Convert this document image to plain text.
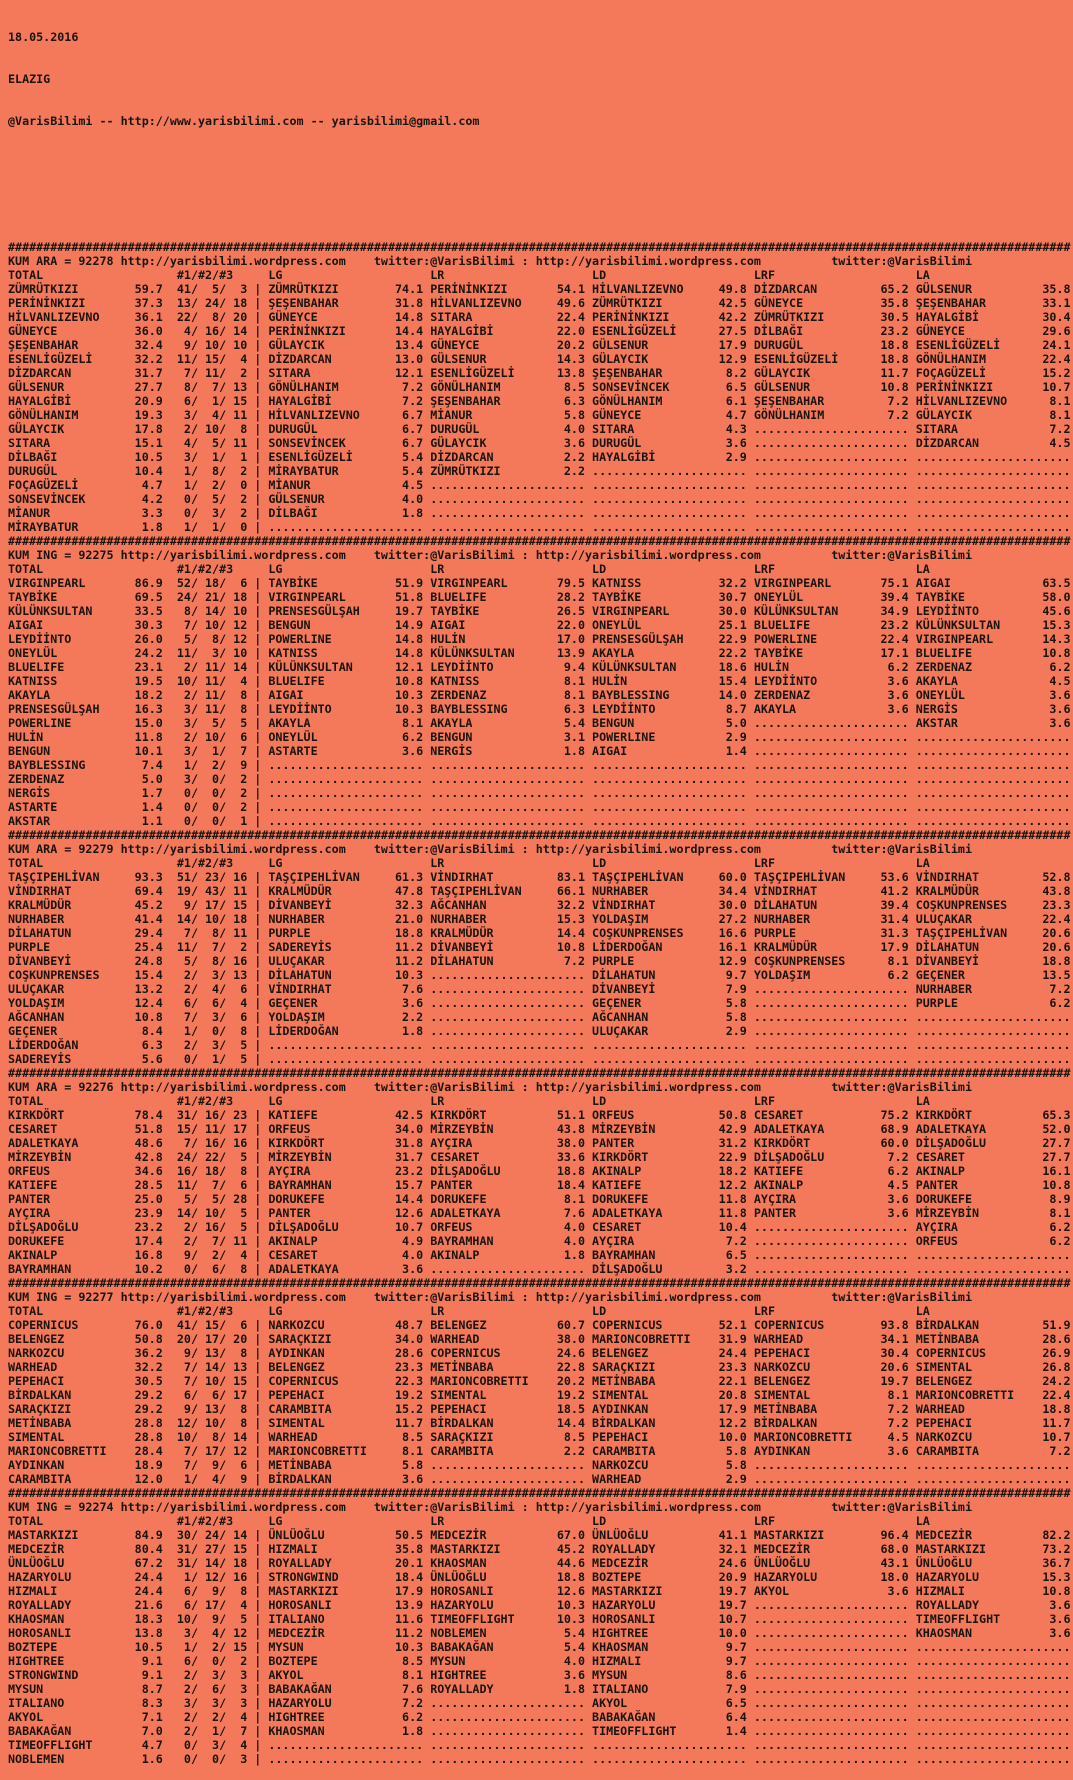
18.05.2016

ELAZIG

@VarisBilimi -- http://www.yarisbilimi.com -- yarisbilimi@gmail.com

#######################################################################################################################################################
KUM ARA = 92278 http://yarisbilimi.wordpress.com    twitter:@VarisBilimi : http://yarisbilimi.wordpress.com          twitter:@VarisBilimi
TOTAL                   #1/#2/#3     LG                     LR                     LD                     LRF                    LA
ZÜMRÜTKIZI        59.7  41/  5/  3 | ZÜMRÜTKIZI        74.1 PERİNİNKIZI       54.1 HİLVANLIZEVNO     49.8 DİZDARCAN         65.2 GÜLSENUR          35.8
PERİNİNKIZI       37.3  13/ 24/ 18 | ŞEŞENBAHAR        31.8 HİLVANLIZEVNO     49.6 ZÜMRÜTKIZI        42.5 GÜNEYCE           35.8 ŞEŞENBAHAR        33.1
HİLVANLIZEVNO     36.1  22/  8/ 20 | GÜNEYCE           14.8 SITARA            22.4 PERİNİNKIZI       42.2 ZÜMRÜTKIZI        30.5 HAYALGİBİ         30.4
GÜNEYCE           36.0   4/ 16/ 14 | PERİNİNKIZI       14.4 HAYALGİBİ         22.0 ESENLİGÜZELİ      27.5 DİLBAĞI           23.2 GÜNEYCE           29.6
ŞEŞENBAHAR        32.4   9/ 10/ 10 | GÜLAYCIK          13.4 GÜNEYCE           20.2 GÜLSENUR          17.9 DURUGÜL           18.8 ESENLİGÜZELİ      24.1
ESENLİGÜZELİ      32.2  11/ 15/  4 | DİZDARCAN         13.0 GÜLSENUR          14.3 GÜLAYCIK          12.9 ESENLİGÜZELİ      18.8 GÖNÜLHANIM        22.4
DİZDARCAN         31.7   7/ 11/  2 | SITARA            12.1 ESENLİGÜZELİ      13.8 ŞEŞENBAHAR         8.2 GÜLAYCIK          11.7 FOÇAGÜZELİ        15.2
GÜLSENUR          27.7   8/  7/ 13 | GÖNÜLHANIM         7.2 GÖNÜLHANIM         8.5 SONSEVİNCEK        6.5 GÜLSENUR          10.8 PERİNİNKIZI       10.7
HAYALGİBİ         20.9   6/  1/ 15 | HAYALGİBİ          7.2 ŞEŞENBAHAR         6.3 GÖNÜLHANIM         6.1 ŞEŞENBAHAR         7.2 HİLVANLIZEVNO      8.1
GÖNÜLHANIM        19.3   3/  4/ 11 | HİLVANLIZEVNO      6.7 MİANUR             5.8 GÜNEYCE            4.7 GÖNÜLHANIM         7.2 GÜLAYCIK           8.1
GÜLAYCIK          17.8   2/ 10/  8 | DURUGÜL            6.7 DURUGÜL            4.0 SITARA             4.3 ...................... SITARA             7.2
SITARA            15.1   4/  5/ 11 | SONSEVİNCEK        6.7 GÜLAYCIK           3.6 DURUGÜL            3.6 ...................... DİZDARCAN          4.5
DİLBAĞI           10.5   3/  1/  1 | ESENLİGÜZELİ       5.4 DİZDARCAN          2.2 HAYALGİBİ          2.9 ...................... ......................
DURUGÜL           10.4   1/  8/  2 | MİRAYBATUR         5.4 ZÜMRÜTKIZI         2.2 ...................... ...................... ......................
FOÇAGÜZELİ         4.7   1/  2/  0 | MİANUR             4.5 ...................... ...................... ...................... ......................
SONSEVİNCEK        4.2   0/  5/  2 | GÜLSENUR           4.0 ...................... ...................... ...................... ......................
MİANUR             3.3   0/  3/  2 | DİLBAĞI            1.8 ...................... ...................... ...................... ......................
MİRAYBATUR         1.8   1/  1/  0 | ...................... ...................... ...................... ...................... ......................
#######################################################################################################################################################
KUM ING = 92275 http://yarisbilimi.wordpress.com    twitter:@VarisBilimi : http://yarisbilimi.wordpress.com          twitter:@VarisBilimi
TOTAL                   #1/#2/#3     LG                     LR                     LD                     LRF                    LA
VIRGINPEARL       86.9  52/ 18/  6 | TAYBİKE           51.9 VIRGINPEARL       79.5 KATNISS           32.2 VIRGINPEARL       75.1 AIGAI             63.5
TAYBİKE           69.5  24/ 21/ 18 | VIRGINPEARL       51.8 BLUELIFE          28.2 TAYBİKE           30.7 ONEYLÜL           39.4 TAYBİKE           58.0
KÜLÜNKSULTAN      33.5   8/ 14/ 10 | PRENSESGÜLŞAH     19.7 TAYBİKE           26.5 VIRGINPEARL       30.0 KÜLÜNKSULTAN      34.9 LEYDİİNTO         45.6
AIGAI             30.3   7/ 10/ 12 | BENGUN            14.9 AIGAI             22.0 ONEYLÜL           25.1 BLUELIFE          23.2 KÜLÜNKSULTAN      15.3
LEYDİİNTO         26.0   5/  8/ 12 | POWERLINE         14.8 HULİN             17.0 PRENSESGÜLŞAH     22.9 POWERLINE         22.4 VIRGINPEARL       14.3
ONEYLÜL           24.2  11/  3/ 10 | KATNISS           14.8 KÜLÜNKSULTAN      13.9 AKAYLA            22.2 TAYBİKE           17.1 BLUELIFE          10.8
BLUELIFE          23.1   2/ 11/ 14 | KÜLÜNKSULTAN      12.1 LEYDİİNTO          9.4 KÜLÜNKSULTAN      18.6 HULİN              6.2 ZERDENAZ           6.2
KATNISS           19.5  10/ 11/  4 | BLUELIFE          10.8 KATNISS            8.1 HULİN             15.4 LEYDİİNTO          3.6 AKAYLA             4.5
AKAYLA            18.2   2/ 11/  8 | AIGAI             10.3 ZERDENAZ           8.1 BAYBLESSING       14.0 ZERDENAZ           3.6 ONEYLÜL            3.6
PRENSESGÜLŞAH     16.3   3/ 11/  8 | LEYDİİNTO         10.3 BAYBLESSING        6.3 LEYDİİNTO          8.7 AKAYLA             3.6 NERGİS             3.6
POWERLINE         15.0   3/  5/  5 | AKAYLA             8.1 AKAYLA             5.4 BENGUN             5.0 ...................... AKSTAR             3.6
HULİN             11.8   2/ 10/  6 | ONEYLÜL            6.2 BENGUN             3.1 POWERLINE          2.9 ...................... ......................
BENGUN            10.1   3/  1/  7 | ASTARTE            3.6 NERGİS             1.8 AIGAI              1.4 ...................... ......................
BAYBLESSING        7.4   1/  2/  9 | ...................... ...................... ...................... ...................... ......................
ZERDENAZ           5.0   3/  0/  2 | ...................... ...................... ...................... ...................... ......................
NERGİS             1.7   0/  0/  2 | ...................... ...................... ...................... ...................... ......................
ASTARTE            1.4   0/  0/  2 | ...................... ...................... ...................... ...................... ......................
AKSTAR             1.1   0/  0/  1 | ...................... ...................... ...................... ...................... ......................
#######################################################################################################################################################
KUM ARA = 92279 http://yarisbilimi.wordpress.com    twitter:@VarisBilimi : http://yarisbilimi.wordpress.com          twitter:@VarisBilimi
TOTAL                   #1/#2/#3     LG                     LR                     LD                     LRF                    LA
TAŞÇIPEHLİVAN     93.3  51/ 23/ 16 | TAŞÇIPEHLİVAN     61.3 VİNDIRHAT         83.1 TAŞÇIPEHLİVAN     60.0 TAŞÇIPEHLİVAN     53.6 VİNDIRHAT         52.8
VİNDIRHAT         69.4  19/ 43/ 11 | KRALMÜDÜR         47.8 TAŞÇIPEHLİVAN     66.1 NURHABER          34.4 VİNDIRHAT         41.2 KRALMÜDÜR         43.8
KRALMÜDÜR         45.2   9/ 17/ 15 | DİVANBEYİ         32.3 AĞCANHAN          32.2 VİNDIRHAT         30.0 DİLAHATUN         39.4 COŞKUNPRENSES     23.3
NURHABER          41.4  14/ 10/ 18 | NURHABER          21.0 NURHABER          15.3 YOLDAŞIM          27.2 NURHABER          31.4 ULUÇAKAR          22.4
DİLAHATUN         29.4   7/  8/ 11 | PURPLE            18.8 KRALMÜDÜR         14.4 COŞKUNPRENSES     16.6 PURPLE            31.3 TAŞÇIPEHLİVAN     20.6
PURPLE            25.4  11/  7/  2 | SADEREYİS         11.2 DİVANBEYİ         10.8 LİDERDOĞAN        16.1 KRALMÜDÜR         17.9 DİLAHATUN         20.6
DİVANBEYİ         24.8   5/  8/ 16 | ULUÇAKAR          11.2 DİLAHATUN          7.2 PURPLE            12.9 COŞKUNPRENSES      8.1 DİVANBEYİ         18.8
COŞKUNPRENSES     15.4   2/  3/ 13 | DİLAHATUN         10.3 ...................... DİLAHATUN          9.7 YOLDAŞIM           6.2 GEÇENER           13.5
ULUÇAKAR          13.2   2/  4/  6 | VİNDIRHAT          7.6 ...................... DİVANBEYİ          7.9 ...................... NURHABER           7.2
YOLDAŞIM          12.4   6/  6/  4 | GEÇENER            3.6 ...................... GEÇENER            5.8 ...................... PURPLE             6.2
AĞCANHAN          10.8   7/  3/  6 | YOLDAŞIM           2.2 ...................... AĞCANHAN           5.8 ...................... ......................
GEÇENER            8.4   1/  0/  8 | LİDERDOĞAN         1.8 ...................... ULUÇAKAR           2.9 ...................... ......................
LİDERDOĞAN         6.3   2/  3/  5 | ...................... ...................... ...................... ...................... ......................
SADEREYİS          5.6   0/  1/  5 | ...................... ...................... ...................... ...................... ......................
#######################################################################################################################################################
KUM ARA = 92276 http://yarisbilimi.wordpress.com    twitter:@VarisBilimi : http://yarisbilimi.wordpress.com          twitter:@VarisBilimi
TOTAL                   #1/#2/#3     LG                     LR                     LD                     LRF                    LA
KIRKDÖRT          78.4  31/ 16/ 23 | KATIEFE           42.5 KIRKDÖRT          51.1 ORFEUS            50.8 CESARET           75.2 KIRKDÖRT          65.3
CESARET           51.8  15/ 11/ 17 | ORFEUS            34.0 MİRZEYBİN         43.8 MİRZEYBİN         42.9 ADALETKAYA        68.9 ADALETKAYA        52.0
ADALETKAYA        48.6   7/ 16/ 16 | KIRKDÖRT          31.8 AYÇIRA            38.0 PANTER            31.2 KIRKDÖRT          60.0 DİLŞADOĞLU        27.7
MİRZEYBİN         42.8  24/ 22/  5 | MİRZEYBİN         31.7 CESARET           33.6 KIRKDÖRT          22.9 DİLŞADOĞLU         7.2 CESARET           27.7
ORFEUS            34.6  16/ 18/  8 | AYÇIRA            23.2 DİLŞADOĞLU        18.8 AKINALP           18.2 KATIEFE            6.2 AKINALP           16.1
KATIEFE           28.5  11/  7/  6 | BAYRAMHAN         15.7 PANTER            18.4 KATIEFE           12.2 AKINALP            4.5 PANTER            10.8
PANTER            25.0   5/  5/ 28 | DORUKEFE          14.4 DORUKEFE           8.1 DORUKEFE          11.8 AYÇIRA             3.6 DORUKEFE           8.9
AYÇIRA            23.9  14/ 10/  5 | PANTER            12.6 ADALETKAYA         7.6 ADALETKAYA        11.8 PANTER             3.6 MİRZEYBİN          8.1
DİLŞADOĞLU        23.2   2/ 16/  5 | DİLŞADOĞLU        10.7 ORFEUS             4.0 CESARET           10.4 ...................... AYÇIRA             6.2
DORUKEFE          17.4   2/  7/ 11 | AKINALP            4.9 BAYRAMHAN          4.0 AYÇIRA             7.2 ...................... ORFEUS             6.2
AKINALP           16.8   9/  2/  4 | CESARET            4.0 AKINALP            1.8 BAYRAMHAN          6.5 ...................... ......................
BAYRAMHAN         10.2   0/  6/  8 | ADALETKAYA         3.6 ...................... DİLŞADOĞLU         3.2 ...................... ......................
#######################################################################################################################################################
KUM ING = 92277 http://yarisbilimi.wordpress.com    twitter:@VarisBilimi : http://yarisbilimi.wordpress.com          twitter:@VarisBilimi
TOTAL                   #1/#2/#3     LG                     LR                     LD                     LRF                    LA
COPERNICUS        76.0  41/ 15/  6 | NARKOZCU          48.7 BELENGEZ          60.7 COPERNICUS        52.1 COPERNICUS        93.8 BİRDALKAN         51.9
BELENGEZ          50.8  20/ 17/ 20 | SARAÇKIZI         34.0 WARHEAD           38.0 MARIONCOBRETTI    31.9 WARHEAD           34.1 METİNBABA         28.6
NARKOZCU          36.2   9/ 13/  8 | AYDINKAN          28.6 COPERNICUS        24.6 BELENGEZ          24.4 PEPEHACI          30.4 COPERNICUS        26.9
WARHEAD           32.2   7/ 14/ 13 | BELENGEZ          23.3 METİNBABA         22.8 SARAÇKIZI         23.3 NARKOZCU          20.6 SIMENTAL          26.8
PEPEHACI          30.5   7/ 10/ 15 | COPERNICUS        22.3 MARIONCOBRETTI    20.2 METİNBABA         22.1 BELENGEZ          19.7 BELENGEZ          24.2
BİRDALKAN         29.2   6/  6/ 17 | PEPEHACI          19.2 SIMENTAL          19.2 SIMENTAL          20.8 SIMENTAL           8.1 MARIONCOBRETTI    22.4
SARAÇKIZI         29.2   9/ 13/  8 | CARAMBITA         15.2 PEPEHACI          18.5 AYDINKAN          17.9 METİNBABA          7.2 WARHEAD           18.8
METİNBABA         28.8  12/ 10/  8 | SIMENTAL          11.7 BİRDALKAN         14.4 BİRDALKAN         12.2 BİRDALKAN          7.2 PEPEHACI          11.7
SIMENTAL          28.8  10/  8/ 14 | WARHEAD            8.5 SARAÇKIZI          8.5 PEPEHACI          10.0 MARIONCOBRETTI     4.5 NARKOZCU          10.7
MARIONCOBRETTI    28.4   7/ 17/ 12 | MARIONCOBRETTI     8.1 CARAMBITA          2.2 CARAMBITA          5.8 AYDINKAN           3.6 CARAMBITA          7.2
AYDINKAN          18.9   7/  9/  6 | METİNBABA          5.8 ...................... NARKOZCU           5.8 ...................... ......................
CARAMBITA         12.0   1/  4/  9 | BİRDALKAN          3.6 ...................... WARHEAD            2.9 ...................... ......................
#######################################################################################################################################################
KUM ING = 92274 http://yarisbilimi.wordpress.com    twitter:@VarisBilimi : http://yarisbilimi.wordpress.com          twitter:@VarisBilimi
TOTAL                   #1/#2/#3     LG                     LR                     LD                     LRF                    LA
MASTARKIZI        84.9  30/ 24/ 14 | ÜNLÜOĞLU          50.5 MEDCEZİR          67.0 ÜNLÜOĞLU          41.1 MASTARKIZI        96.4 MEDCEZİR          82.2
MEDCEZİR          80.4  31/ 27/ 15 | HIZMALI           35.8 MASTARKIZI        45.2 ROYALLADY         32.1 MEDCEZİR          68.0 MASTARKIZI        73.2
ÜNLÜOĞLU          67.2  31/ 14/ 18 | ROYALLADY         20.1 KHAOSMAN          44.6 MEDCEZİR          24.6 ÜNLÜOĞLU          43.1 ÜNLÜOĞLU          36.7
HAZARYOLU         24.4   1/ 12/ 16 | STRONGWIND        18.4 ÜNLÜOĞLU          18.8 BOZTEPE           20.9 HAZARYOLU         18.0 HAZARYOLU         15.3
HIZMALI           24.4   6/  9/  8 | MASTARKIZI        17.9 HOROSANLI         12.6 MASTARKIZI        19.7 AKYOL              3.6 HIZMALI           10.8
ROYALLADY         21.6   6/ 17/  4 | HOROSANLI         13.9 HAZARYOLU         10.3 HAZARYOLU         19.7 ...................... ROYALLADY          3.6
KHAOSMAN          18.3  10/  9/  5 | ITALIANO          11.6 TIMEOFFLIGHT      10.3 HOROSANLI         10.7 ...................... TIMEOFFLIGHT       3.6
HOROSANLI         13.8   3/  4/ 12 | MEDCEZİR          11.2 NOBLEMEN           5.4 HIGHTREE          10.0 ...................... KHAOSMAN           3.6
BOZTEPE           10.5   1/  2/ 15 | MYSUN             10.3 BABAKAĞAN          5.4 KHAOSMAN           9.7 ...................... ......................
HIGHTREE           9.1   6/  0/  2 | BOZTEPE            8.5 MYSUN              4.0 HIZMALI            9.7 ...................... ......................
STRONGWIND         9.1   2/  3/  3 | AKYOL              8.1 HIGHTREE           3.6 MYSUN              8.6 ...................... ......................
MYSUN              8.7   2/  6/  3 | BABAKAĞAN          7.6 ROYALLADY          1.8 ITALIANO           7.9 ...................... ......................
ITALIANO           8.3   3/  3/  3 | HAZARYOLU          7.2 ...................... AKYOL              6.5 ...................... ......................
AKYOL              7.1   2/  2/  4 | HIGHTREE           6.2 ...................... BABAKAĞAN          6.4 ...................... ......................
BABAKAĞAN          7.0   2/  1/  7 | KHAOSMAN           1.8 ...................... TIMEOFFLIGHT       1.4 ...................... ......................
TIMEOFFLIGHT       4.7   0/  3/  4 | ...................... ...................... ...................... ...................... ......................
NOBLEMEN           1.6   0/  0/  3 | ...................... ...................... ...................... ...................... ......................
